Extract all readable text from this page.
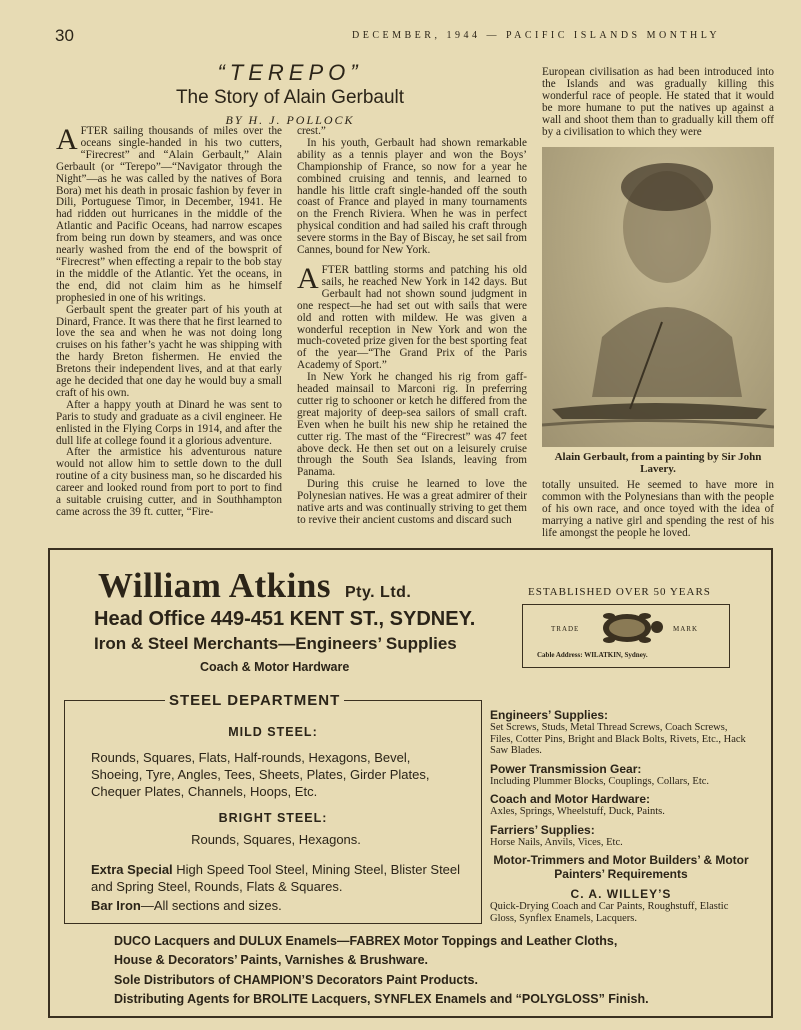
30	DECEMBER, 1944 — PACIFIC ISLANDS MONTHLY
“TEREPO”
The Story of Alain Gerbault
BY H. J. POLLOCK

AFTER sailing thousands of miles over the oceans single-handed in his two cutters, “Firecrest” and “Alain Gerbault,” Alain Gerbault (or “Terepo”—“Navigator through the Night”—as he was called by the natives of Bora Bora) met his death in prosaic fashion by fever in Dili, Portuguese Timor, in December, 1941. He had ridden out hurricanes in the middle of the Atlantic and Pacific Oceans, had narrow escapes from being run down by steamers, and was once nearly washed from the end of the bowsprit of “Firecrest” when effecting a repair to the bob stay in the middle of the Atlantic. Yet the oceans, in the end, did not claim him as he himself prophesied in one of his writings.

Gerbault spent the greater part of his youth at Dinard, France. It was there that he first learned to love the sea and when he was not doing long cruises on his father’s yacht he was shipping with the hardy Breton fishermen. He envied the Bretons their independent lives, and at that early age he decided that one day he would buy a small craft of his own.

After a happy youth at Dinard he was sent to Paris to study and graduate as a civil engineer. He enlisted in the Flying Corps in 1914, and after the dull life at college found it a glorious adventure.

After the armistice his adventurous nature would not allow him to settle down to the dull routine of a city business man, so he discarded his career and looked round from port to port to find a suitable cruising cutter, and in Southhampton came across the 39 ft. cutter, “Fire-

crest.”

In his youth, Gerbault had shown remarkable ability as a tennis player and won the Boys’ Championship of France, so now for a year he combined cruising and tennis, and learned to handle his little craft single-handed off the south coast of France and played in many tournaments on the French Riviera. When he was in perfect physical condition and had sailed his craft through severe storms in the Bay of Biscay, he set sail from Cannes, bound for New York.

AFTER battling storms and patching his old sails, he reached New York in 142 days. But Gerbault had not shown sound judgment in one respect—he had set out with sails that were old and rotten with mildew. He was given a wonderful reception in New York and won the much-coveted prize given for the best sporting feat of the year—“The Grand Prix of the Paris Academy of Sport.”

In New York he changed his rig from gaff-headed mainsail to Marconi rig. In preferring cutter rig to schooner or ketch he differed from the great majority of deep-sea sailors of small craft. Even when he built his new ship he retained the cutter rig. The mast of the “Firecrest” was 47 feet above deck. He then set out on a leisurely cruise through the South Sea Islands, leaving from Panama.

During this cruise he learned to love the Polynesian natives. He was a great admirer of their native arts and was continually striving to get them to revive their ancient customs and discard such

European civilisation as had been introduced into the Islands and was gradually killing this wonderful race of people. He stated that it would be more humane to put the natives up against a wall and shoot them than to gradually kill them off by a civilisation to which they were

Alain Gerbault, from a painting by Sir John Lavery.

totally unsuited. He seemed to have more in common with the Polynesians than with the people of his own race, and once toyed with the idea of marrying a native girl and spending the rest of his life amongst the people he loved.

William Atkins Pty. Ltd.
Head Office 449-451 KENT ST., SYDNEY.
Iron & Steel Merchants—Engineers’ Supplies
Coach & Motor Hardware
ESTABLISHED OVER 50 YEARS
TRADE	MARK
Cable Address: WILATKIN, Sydney.
STEEL DEPARTMENT
MILD STEEL:
Rounds, Squares, Flats, Half-rounds, Hexagons, Bevel, Shoeing, Tyre, Angles, Tees, Sheets, Plates, Girder Plates, Chequer Plates, Channels, Hoops, Etc.
BRIGHT STEEL:
Rounds, Squares, Hexagons.
Extra Special High Speed Tool Steel, Mining Steel, Blister Steel and Spring Steel, Rounds, Flats & Squares.
Bar Iron—All sections and sizes.
Engineers’ Supplies:
Set Screws, Studs, Metal Thread Screws, Coach Screws, Files, Cotter Pins, Bright and Black Bolts, Rivets, Etc., Hack Saw Blades.
Power Transmission Gear:
Including Plummer Blocks, Couplings, Collars, Etc.
Coach and Motor Hardware:
Axles, Springs, Wheelstuff, Duck, Paints.
Farriers’ Supplies:
Horse Nails, Anvils, Vices, Etc.
Motor-Trimmers and Motor Builders’ & Motor Painters’ Requirements
C. A. WILLEY’S
Quick-Drying Coach and Car Paints, Roughstuff, Elastic Gloss, Synflex Enamels, Lacquers.
DUCO Lacquers and DULUX Enamels—FABREX Motor Toppings and Leather Cloths,
House & Decorators’ Paints, Varnishes & Brushware.
Sole Distributors of CHAMPION’S Decorators Paint Products.
Distributing Agents for BROLITE Lacquers, SYNFLEX Enamels and “POLYGLOSS” Finish.
